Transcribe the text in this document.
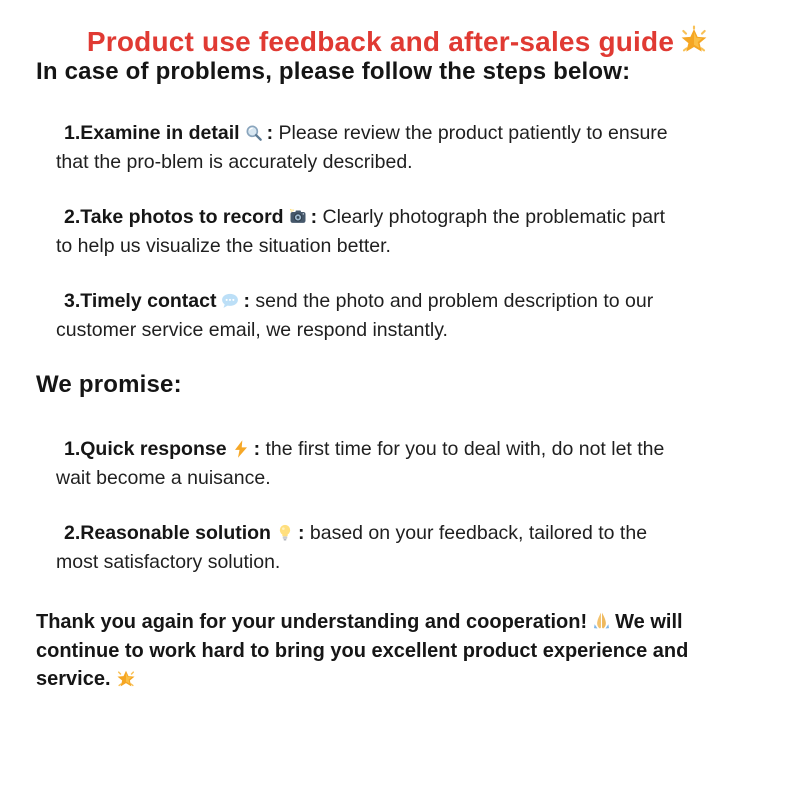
Product use feedback and after-sales guide
In case of problems, please follow the steps below:
1.Examine in detail : Please review the product patiently to ensure
that the pro-blem is accurately described.
2.Take photos to record : Clearly photograph the problematic part
to help us visualize the situation better.
3.Timely contact : send the photo and problem description to our
customer service email, we respond instantly.
We promise:
1.Quick response : the first time for you to deal with, do not let the
wait become a nuisance.
2.Reasonable solution : based on your feedback, tailored to the
most satisfactory solution.
Thank you again for your understanding and cooperation! We will
continue to work hard to bring you excellent product experience and
service.
